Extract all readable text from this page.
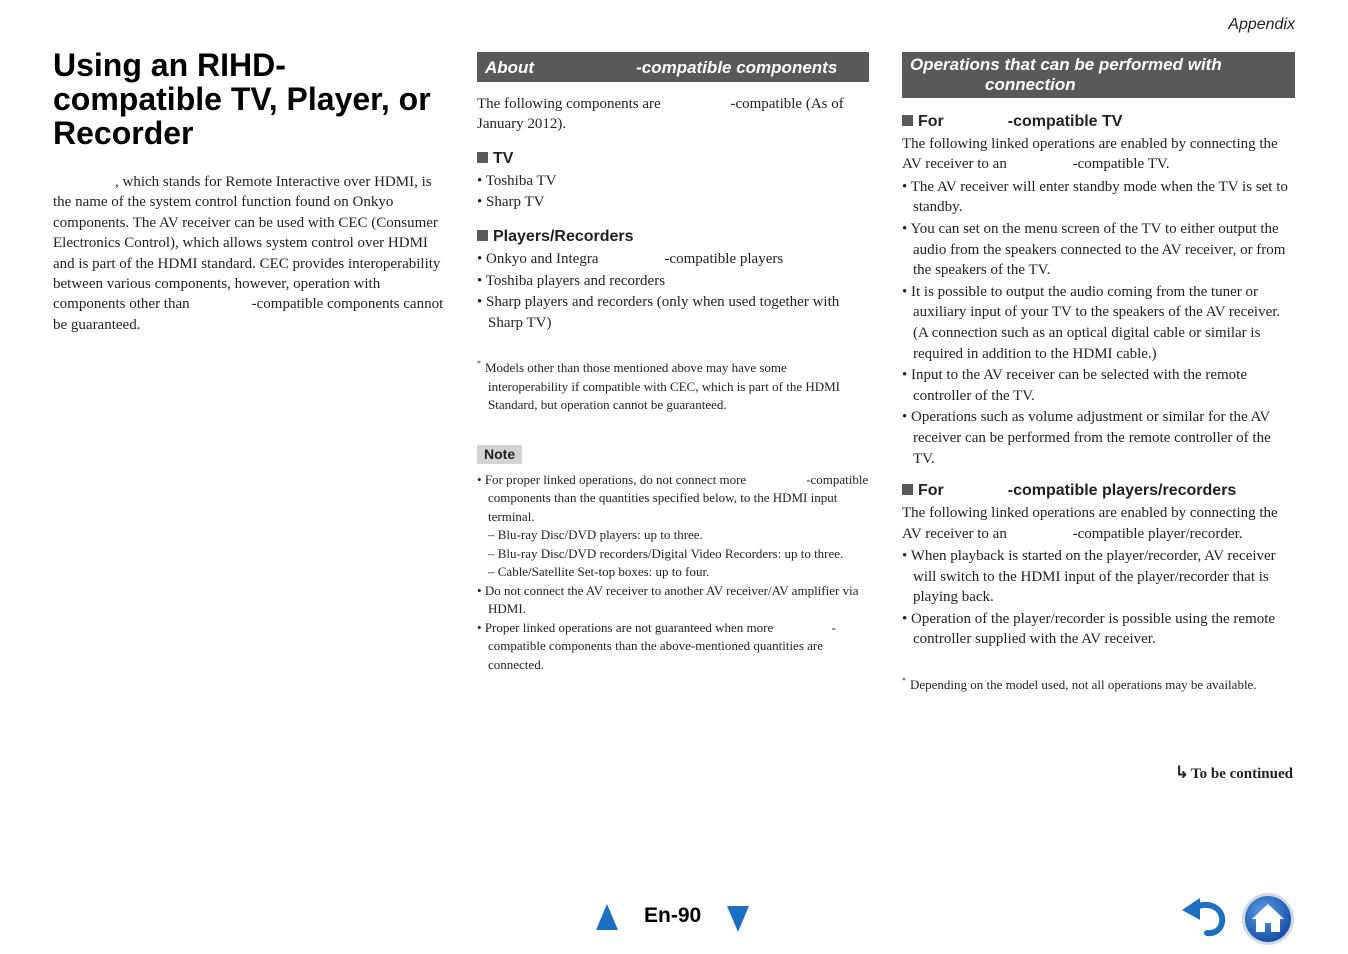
Appendix
Using an RIHD-compatible TV, Player, or Recorder

, which stands for Remote Interactive over HDMI, is the name of the system control function found on Onkyo components. The AV receiver can be used with CEC (Consumer Electronics Control), which allows system control over HDMI and is part of the HDMI standard. CEC provides interoperability between various components, however, operation with components other than	-compatible components cannot be guaranteed.

About	-compatible components

The following components are	-compatible (As of January 2012).

TV
• Toshiba TV
• Sharp TV
Players/Recorders
• Onkyo and Integra	-compatible players
• Toshiba players and recorders
• Sharp players and recorders (only when used together with Sharp TV)

* Models other than those mentioned above may have some interoperability if compatible with CEC, which is part of the HDMI Standard, but operation cannot be guaranteed.

Note
• For proper linked operations, do not connect more	-compatible components than the quantities specified below, to the HDMI input terminal.
– Blu-ray Disc/DVD players: up to three.
– Blu-ray Disc/DVD recorders/Digital Video Recorders: up to three.
– Cable/Satellite Set-top boxes: up to four.
• Do not connect the AV receiver to another AV receiver/AV amplifier via HDMI.
• Proper linked operations are not guaranteed when more	-compatible components than the above-mentioned quantities are connected.
Operations that can be performed with
connection
For	-compatible TV

The following linked operations are enabled by connecting the AV receiver to an	-compatible TV.

• The AV receiver will enter standby mode when the TV is set to standby.
• You can set on the menu screen of the TV to either output the audio from the speakers connected to the AV receiver, or from the speakers of the TV.
• It is possible to output the audio coming from the tuner or auxiliary input of your TV to the speakers of the AV receiver. (A connection such as an optical digital cable or similar is required in addition to the HDMI cable.)
• Input to the AV receiver can be selected with the remote controller of the TV.
• Operations such as volume adjustment or similar for the AV receiver can be performed from the remote controller of the TV.
For	-compatible players/recorders

The following linked operations are enabled by connecting the AV receiver to an	-compatible player/recorder.

• When playback is started on the player/recorder, AV receiver will switch to the HDMI input of the player/recorder that is playing back.
• Operation of the player/recorder is possible using the remote controller supplied with the AV receiver.

* Depending on the model used, not all operations may be available.

↳ To be continued
En-90
